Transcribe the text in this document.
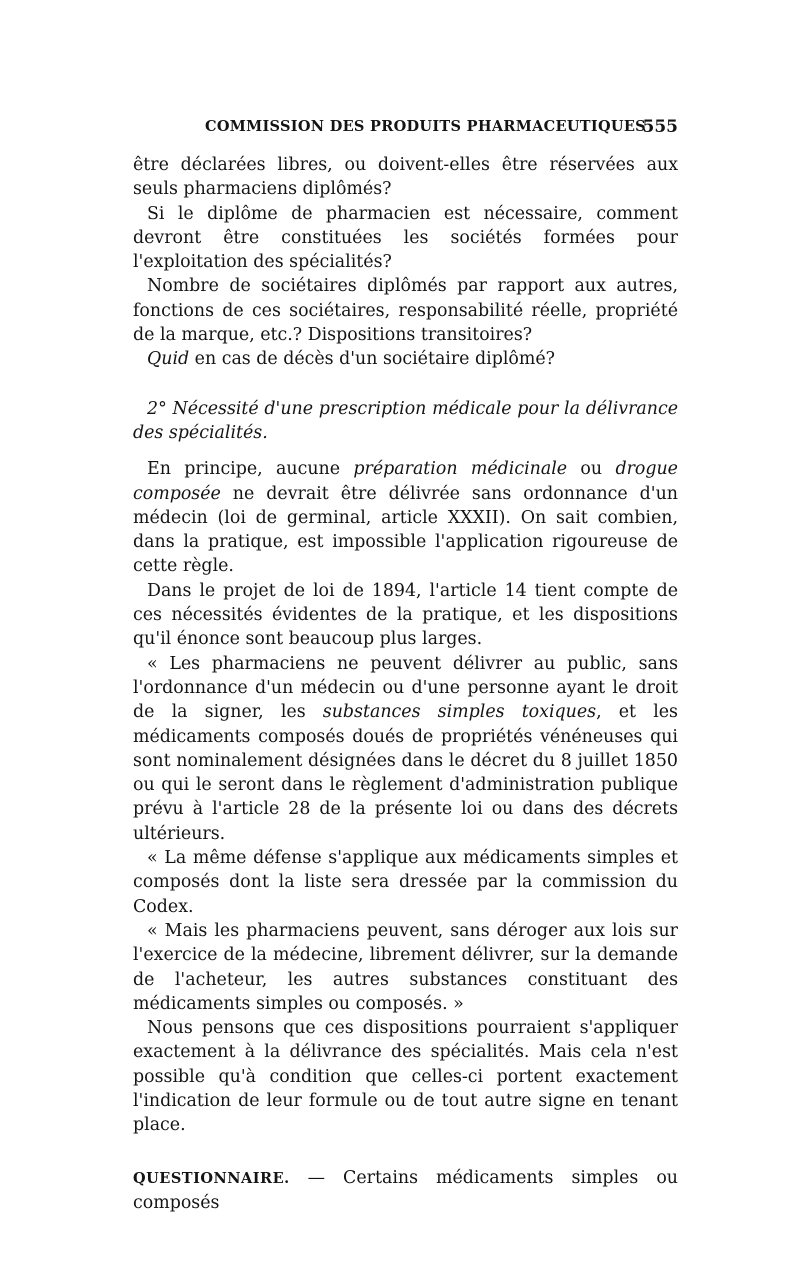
COMMISSION DES PRODUITS PHARMACEUTIQUES
555

être déclarées libres, ou doivent-elles être réservées aux seuls pharmaciens diplômés?

Si le diplôme de pharmacien est nécessaire, comment devront être constituées les sociétés formées pour l'exploitation des spécialités?

Nombre de sociétaires diplômés par rapport aux autres, fonctions de ces sociétaires, responsabilité réelle, propriété de la marque, etc.? Dispositions transitoires?

Quid en cas de décès d'un sociétaire diplômé?

2° Nécessité d'une prescription médicale pour la délivrance des spécialités.

En principe, aucune préparation médicinale ou drogue composée ne devrait être délivrée sans ordonnance d'un médecin (loi de germinal, article XXXII). On sait combien, dans la pratique, est impossible l'application rigoureuse de cette règle.

Dans le projet de loi de 1894, l'article 14 tient compte de ces nécessités évidentes de la pratique, et les dispositions qu'il énonce sont beaucoup plus larges.

« Les pharmaciens ne peuvent délivrer au public, sans l'ordonnance d'un médecin ou d'une personne ayant le droit de la signer, les substances simples toxiques, et les médicaments composés doués de propriétés vénéneuses qui sont nominalement désignées dans le décret du 8 juillet 1850 ou qui le seront dans le règlement d'administration publique prévu à l'article 28 de la présente loi ou dans des décrets ultérieurs.

« La même défense s'applique aux médicaments simples et composés dont la liste sera dressée par la commission du Codex.

« Mais les pharmaciens peuvent, sans déroger aux lois sur l'exercice de la médecine, librement délivrer, sur la demande de l'acheteur, les autres substances constituant des médicaments simples ou composés. »

Nous pensons que ces dispositions pourraient s'appliquer exactement à la délivrance des spécialités. Mais cela n'est possible qu'à condition que celles-ci portent exactement l'indication de leur formule ou de tout autre signe en tenant place.

QUESTIONNAIRE. — Certains médicaments simples ou composés
